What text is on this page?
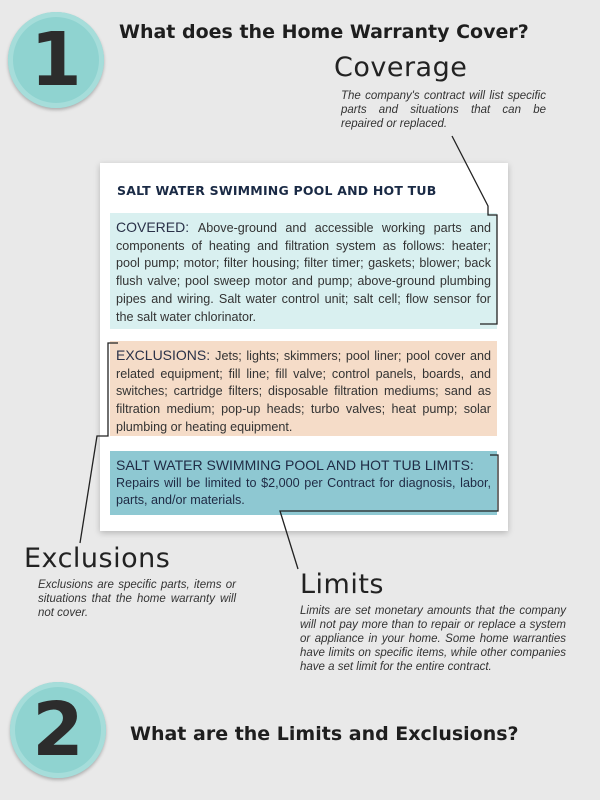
1 What does the Home Warranty Cover?
Coverage
The company's contract will list specific parts and situations that can be repaired or replaced.
SALT WATER SWIMMING POOL AND HOT TUB
COVERED: Above-ground and accessible working parts and components of heating and filtration system as follows: heater; pool pump; motor; filter housing; filter timer; gaskets; blower; back flush valve; pool sweep motor and pump; above-ground plumbing pipes and wiring. Salt water control unit; salt cell; flow sensor for the salt water chlorinator.
EXCLUSIONS: Jets; lights; skimmers; pool liner; pool cover and related equipment; fill line; fill valve; control panels, boards, and switches; cartridge filters; disposable filtration mediums; sand as filtration medium; pop-up heads; turbo valves; heat pump; solar plumbing or heating equipment.
SALT WATER SWIMMING POOL AND HOT TUB LIMITS:
Repairs will be limited to $2,000 per Contract for diagnosis, labor, parts, and/or materials.
Exclusions
Exclusions are specific parts, items or situations that the home warranty will not cover.
Limits
Limits are set monetary amounts that the company will not pay more than to repair or replace a system or appliance in your home. Some home warranties have limits on specific items, while other companies have a set limit for the entire contract.
2 What are the Limits and Exclusions?
